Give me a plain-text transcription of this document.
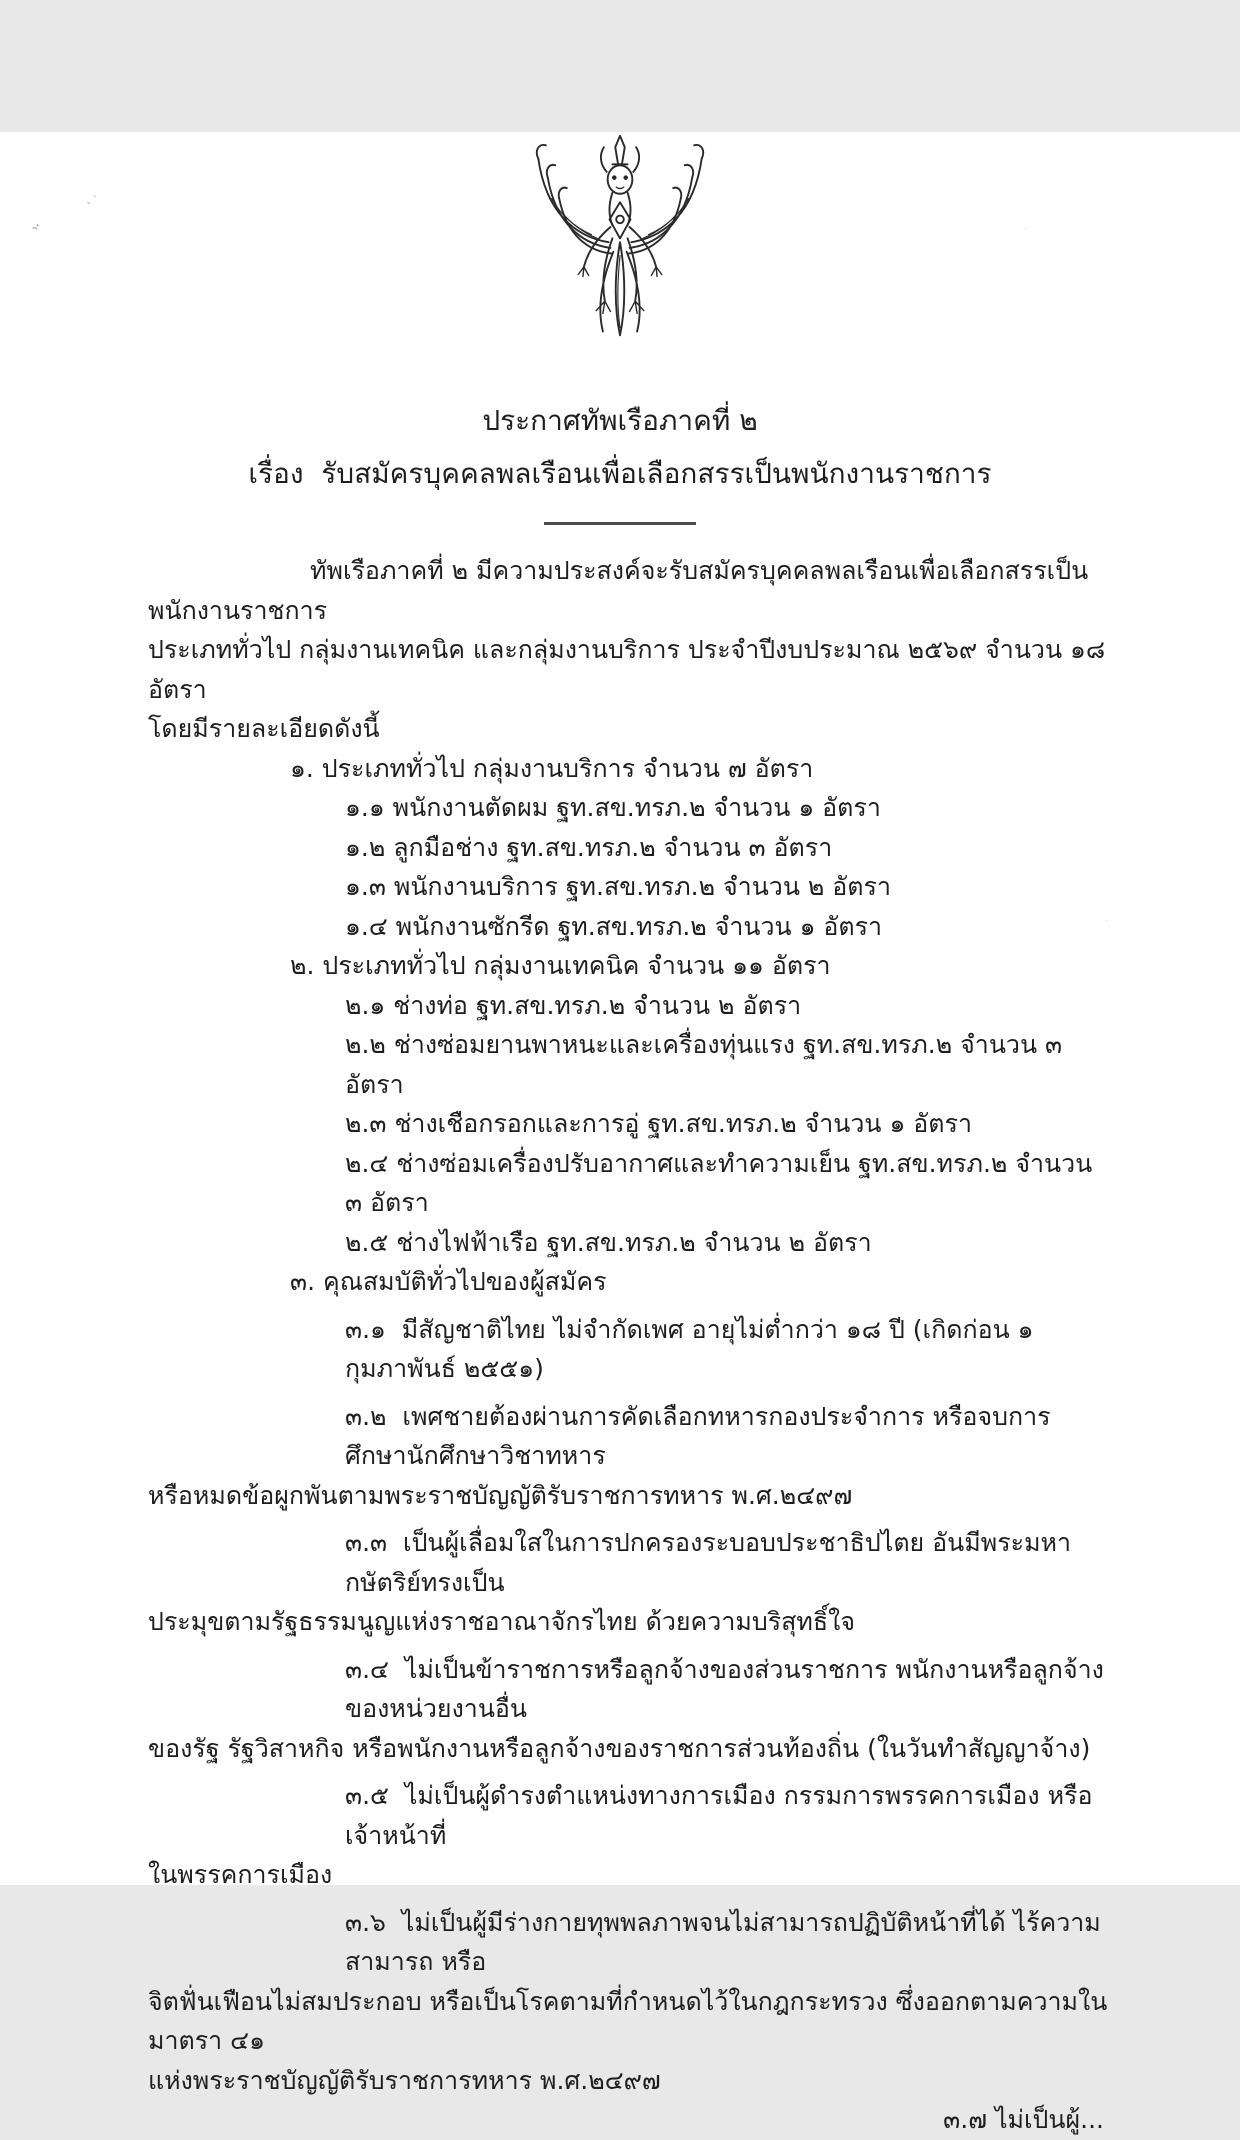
ˎ˴
ิ๋	·
·
ประกาศทัพเรือภาคที่ ๒
เรื่อง  รับสมัครบุคคลพลเรือนเพื่อเลือกสรรเป็นพนักงานราชการ

ทัพเรือภาคที่ ๒ มีความประสงค์จะรับสมัครบุคคลพลเรือนเพื่อเลือกสรรเป็นพนักงานราชการ

ประเภททั่วไป กลุ่มงานเทคนิค และกลุ่มงานบริการ ประจำปีงบประมาณ ๒๕๖๙ จำนวน ๑๘ อัตรา

โดยมีรายละเอียดดังนี้

๑. ประเภททั่วไป กลุ่มงานบริการ จำนวน ๗ อัตรา

๑.๑ พนักงานตัดผม ฐท.สข.ทรภ.๒ จำนวน ๑ อัตรา

๑.๒ ลูกมือช่าง ฐท.สข.ทรภ.๒ จำนวน ๓ อัตรา

๑.๓ พนักงานบริการ ฐท.สข.ทรภ.๒ จำนวน ๒ อัตรา

๑.๔ พนักงานซักรีด ฐท.สข.ทรภ.๒ จำนวน ๑ อัตรา

๒. ประเภททั่วไป กลุ่มงานเทคนิค จำนวน ๑๑ อัตรา

๒.๑ ช่างท่อ ฐท.สข.ทรภ.๒ จำนวน ๒ อัตรา

๒.๒ ช่างซ่อมยานพาหนะและเครื่องทุ่นแรง ฐท.สข.ทรภ.๒ จำนวน ๓ อัตรา

๒.๓ ช่างเชือกรอกและการอู่ ฐท.สข.ทรภ.๒ จำนวน ๑ อัตรา

๒.๔ ช่างซ่อมเครื่องปรับอากาศและทำความเย็น ฐท.สข.ทรภ.๒ จำนวน ๓ อัตรา

๒.๕ ช่างไฟฟ้าเรือ ฐท.สข.ทรภ.๒ จำนวน ๒ อัตรา

๓. คุณสมบัติทั่วไปของผู้สมัคร

๓.๑  มีสัญชาติไทย ไม่จำกัดเพศ อายุไม่ต่ำกว่า ๑๘ ปี (เกิดก่อน ๑ กุมภาพันธ์ ๒๕๕๑)

๓.๒  เพศชายต้องผ่านการคัดเลือกทหารกองประจำการ หรือจบการศึกษานักศึกษาวิชาทหาร

หรือหมดข้อผูกพันตามพระราชบัญญัติรับราชการทหาร พ.ศ.๒๔๙๗

๓.๓  เป็นผู้เลื่อมใสในการปกครองระบอบประชาธิปไตย อันมีพระมหากษัตริย์ทรงเป็น

ประมุขตามรัฐธรรมนูญแห่งราชอาณาจักรไทย ด้วยความบริสุทธิ์ใจ

๓.๔  ไม่เป็นข้าราชการหรือลูกจ้างของส่วนราชการ พนักงานหรือลูกจ้างของหน่วยงานอื่น

ของรัฐ รัฐวิสาหกิจ หรือพนักงานหรือลูกจ้างของราชการส่วนท้องถิ่น (ในวันทำสัญญาจ้าง)

๓.๕  ไม่เป็นผู้ดำรงตำแหน่งทางการเมือง กรรมการพรรคการเมือง หรือเจ้าหน้าที่

ในพรรคการเมือง

๓.๖  ไม่เป็นผู้มีร่างกายทุพพลภาพจนไม่สามารถปฏิบัติหน้าที่ได้ ไร้ความสามารถ หรือ

จิตฟั่นเฟือนไม่สมประกอบ หรือเป็นโรคตามที่กำหนดไว้ในกฎกระทรวง ซึ่งออกตามความในมาตรา ๔๑

แห่งพระราชบัญญัติรับราชการทหาร พ.ศ.๒๔๙๗

๓.๗ ไม่เป็นผู้...
